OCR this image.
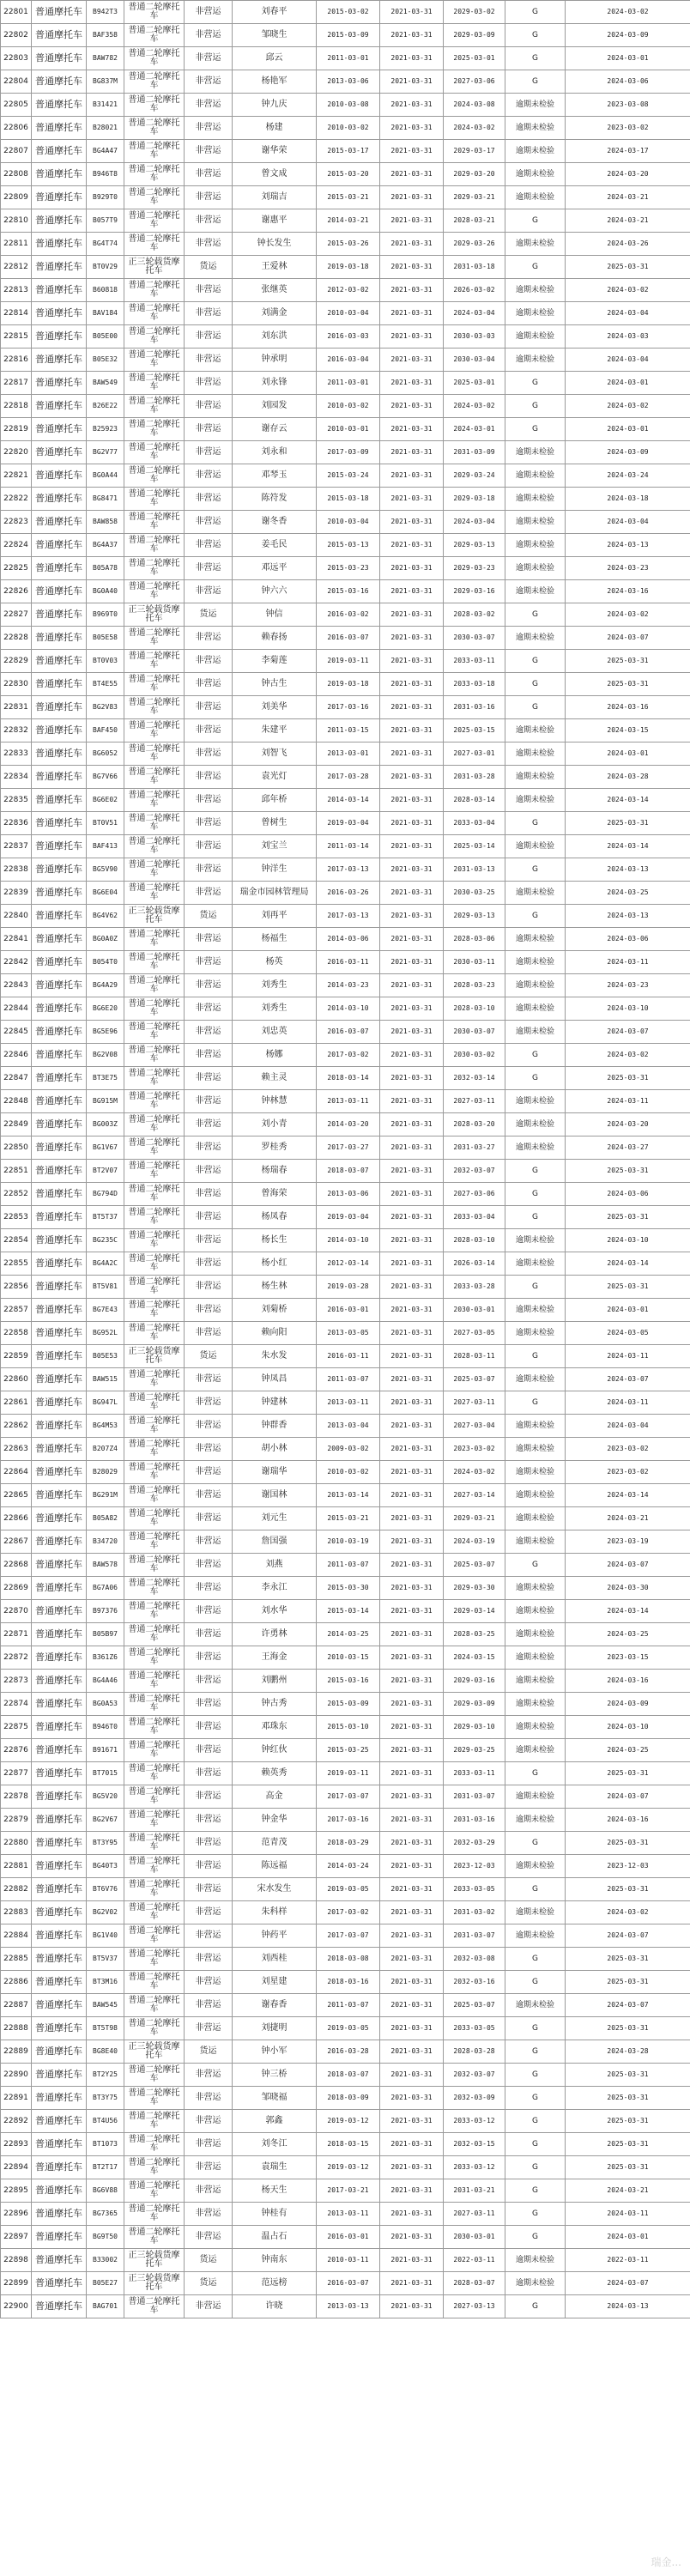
22801	普通摩托车	B942T3	普通二轮摩托车	非营运	刘春平	2015-03-02	2021-03-31	2029-03-02	G	2024-03-02
22802	普通摩托车	BAF358	普通二轮摩托车	非营运	邹晓生	2015-03-09	2021-03-31	2029-03-09	G	2024-03-09
22803	普通摩托车	BAW782	普通二轮摩托车	非营运	邱云	2011-03-01	2021-03-31	2025-03-01	G	2024-03-01
22804	普通摩托车	BG837M	普通二轮摩托车	非营运	杨艳军	2013-03-06	2021-03-31	2027-03-06	G	2024-03-06
22805	普通摩托车	B31421	普通二轮摩托车	非营运	钟九庆	2010-03-08	2021-03-31	2024-03-08	逾期未检验	2023-03-08
22806	普通摩托车	B28021	普通二轮摩托车	非营运	杨建	2010-03-02	2021-03-31	2024-03-02	逾期未检验	2023-03-02
22807	普通摩托车	BG4A47	普通二轮摩托车	非营运	谢华荣	2015-03-17	2021-03-31	2029-03-17	逾期未检验	2024-03-17
22808	普通摩托车	B946T8	普通二轮摩托车	非营运	曾文成	2015-03-20	2021-03-31	2029-03-20	逾期未检验	2024-03-20
22809	普通摩托车	B929T0	普通二轮摩托车	非营运	刘瑞吉	2015-03-21	2021-03-31	2029-03-21	逾期未检验	2024-03-21
22810	普通摩托车	B057T9	普通二轮摩托车	非营运	谢惠平	2014-03-21	2021-03-31	2028-03-21	G	2024-03-21
22811	普通摩托车	BG4T74	普通二轮摩托车	非营运	钟长发生	2015-03-26	2021-03-31	2029-03-26	逾期未检验	2024-03-26
22812	普通摩托车	BT0V29	正三轮载货摩托车	货运	王爱林	2019-03-18	2021-03-31	2031-03-18	G	2025-03-31
22813	普通摩托车	B60818	普通二轮摩托车	非营运	张继英	2012-03-02	2021-03-31	2026-03-02	逾期未检验	2024-03-02
22814	普通摩托车	BAV184	普通二轮摩托车	非营运	刘满金	2010-03-04	2021-03-31	2024-03-04	逾期未检验	2024-03-04
22815	普通摩托车	B05E00	普通二轮摩托车	非营运	刘东洪	2016-03-03	2021-03-31	2030-03-03	逾期未检验	2024-03-03
22816	普通摩托车	B05E32	普通二轮摩托车	非营运	钟承明	2016-03-04	2021-03-31	2030-03-04	逾期未检验	2024-03-04
22817	普通摩托车	BAW549	普通二轮摩托车	非营运	刘永锋	2011-03-01	2021-03-31	2025-03-01	G	2024-03-01
22818	普通摩托车	B26E22	普通二轮摩托车	非营运	刘园发	2010-03-02	2021-03-31	2024-03-02	G	2024-03-02
22819	普通摩托车	B25923	普通二轮摩托车	非营运	谢存云	2010-03-01	2021-03-31	2024-03-01	G	2024-03-01
22820	普通摩托车	BG2V77	普通二轮摩托车	非营运	刘永和	2017-03-09	2021-03-31	2031-03-09	逾期未检验	2024-03-09
22821	普通摩托车	BG0A44	普通二轮摩托车	非营运	邓琴玉	2015-03-24	2021-03-31	2029-03-24	逾期未检验	2024-03-24
22822	普通摩托车	BG8471	普通二轮摩托车	非营运	陈符发	2015-03-18	2021-03-31	2029-03-18	逾期未检验	2024-03-18
22823	普通摩托车	BAW858	普通二轮摩托车	非营运	谢冬香	2010-03-04	2021-03-31	2024-03-04	逾期未检验	2024-03-04
22824	普通摩托车	BG4A37	普通二轮摩托车	非营运	姜毛民	2015-03-13	2021-03-31	2029-03-13	逾期未检验	2024-03-13
22825	普通摩托车	B05A78	普通二轮摩托车	非营运	邓远平	2015-03-23	2021-03-31	2029-03-23	逾期未检验	2024-03-23
22826	普通摩托车	BG0A40	普通二轮摩托车	非营运	钟六六	2015-03-16	2021-03-31	2029-03-16	逾期未检验	2024-03-16
22827	普通摩托车	B969T0	正三轮载货摩托车	货运	钟信	2016-03-02	2021-03-31	2028-03-02	G	2024-03-02
22828	普通摩托车	B05E58	普通二轮摩托车	非营运	赖春扬	2016-03-07	2021-03-31	2030-03-07	逾期未检验	2024-03-07
22829	普通摩托车	BT0V03	普通二轮摩托车	非营运	李菊莲	2019-03-11	2021-03-31	2033-03-11	G	2025-03-31
22830	普通摩托车	BT4E55	普通二轮摩托车	非营运	钟古生	2019-03-18	2021-03-31	2033-03-18	G	2025-03-31
22831	普通摩托车	BG2V83	普通二轮摩托车	非营运	刘美华	2017-03-16	2021-03-31	2031-03-16	G	2024-03-16
22832	普通摩托车	BAF450	普通二轮摩托车	非营运	朱建平	2011-03-15	2021-03-31	2025-03-15	逾期未检验	2024-03-15
22833	普通摩托车	BG6052	普通二轮摩托车	非营运	刘智飞	2013-03-01	2021-03-31	2027-03-01	逾期未检验	2024-03-01
22834	普通摩托车	BG7V66	普通二轮摩托车	非营运	袁光灯	2017-03-28	2021-03-31	2031-03-28	逾期未检验	2024-03-28
22835	普通摩托车	BG6E02	普通二轮摩托车	非营运	邱年桥	2014-03-14	2021-03-31	2028-03-14	逾期未检验	2024-03-14
22836	普通摩托车	BT0V51	普通二轮摩托车	非营运	曾树生	2019-03-04	2021-03-31	2033-03-04	G	2025-03-31
22837	普通摩托车	BAF413	普通二轮摩托车	非营运	刘宝兰	2011-03-14	2021-03-31	2025-03-14	逾期未检验	2024-03-14
22838	普通摩托车	BG5V90	普通二轮摩托车	非营运	钟洋生	2017-03-13	2021-03-31	2031-03-13	G	2024-03-13
22839	普通摩托车	BG6E04	普通二轮摩托车	非营运	瑞金市园林管理局	2016-03-26	2021-03-31	2030-03-25	逾期未检验	2024-03-25
22840	普通摩托车	BG4V62	正三轮载货摩托车	货运	刘再平	2017-03-13	2021-03-31	2029-03-13	G	2024-03-13
22841	普通摩托车	BG0A0Z	普通二轮摩托车	非营运	杨福生	2014-03-06	2021-03-31	2028-03-06	逾期未检验	2024-03-06
22842	普通摩托车	B054T0	普通二轮摩托车	非营运	杨英	2016-03-11	2021-03-31	2030-03-11	逾期未检验	2024-03-11
22843	普通摩托车	BG4A29	普通二轮摩托车	非营运	刘秀生	2014-03-23	2021-03-31	2028-03-23	逾期未检验	2024-03-23
22844	普通摩托车	BG6E20	普通二轮摩托车	非营运	刘秀生	2014-03-10	2021-03-31	2028-03-10	逾期未检验	2024-03-10
22845	普通摩托车	BG5E96	普通二轮摩托车	非营运	刘忠英	2016-03-07	2021-03-31	2030-03-07	逾期未检验	2024-03-07
22846	普通摩托车	BG2V08	普通二轮摩托车	非营运	杨娜	2017-03-02	2021-03-31	2030-03-02	G	2024-03-02
22847	普通摩托车	BT3E75	普通二轮摩托车	非营运	赖主灵	2018-03-14	2021-03-31	2032-03-14	G	2025-03-31
22848	普通摩托车	BG915M	普通二轮摩托车	非营运	钟林慧	2013-03-11	2021-03-31	2027-03-11	逾期未检验	2024-03-11
22849	普通摩托车	BG003Z	普通二轮摩托车	非营运	刘小青	2014-03-20	2021-03-31	2028-03-20	逾期未检验	2024-03-20
22850	普通摩托车	BG1V67	普通二轮摩托车	非营运	罗桂秀	2017-03-27	2021-03-31	2031-03-27	逾期未检验	2024-03-27
22851	普通摩托车	BT2V07	普通二轮摩托车	非营运	杨瑞春	2018-03-07	2021-03-31	2032-03-07	G	2025-03-31
22852	普通摩托车	BG794D	普通二轮摩托车	非营运	曾海荣	2013-03-06	2021-03-31	2027-03-06	G	2024-03-06
22853	普通摩托车	BT5T37	普通二轮摩托车	非营运	杨凤春	2019-03-04	2021-03-31	2033-03-04	G	2025-03-31
22854	普通摩托车	BG235C	普通二轮摩托车	非营运	杨长生	2014-03-10	2021-03-31	2028-03-10	逾期未检验	2024-03-10
22855	普通摩托车	BG4A2C	普通二轮摩托车	非营运	杨小红	2012-03-14	2021-03-31	2026-03-14	逾期未检验	2024-03-14
22856	普通摩托车	BT5V81	普通二轮摩托车	非营运	杨生林	2019-03-28	2021-03-31	2033-03-28	G	2025-03-31
22857	普通摩托车	BG7E43	普通二轮摩托车	非营运	刘菊桥	2016-03-01	2021-03-31	2030-03-01	逾期未检验	2024-03-01
22858	普通摩托车	BG952L	普通二轮摩托车	非营运	赖向阳	2013-03-05	2021-03-31	2027-03-05	逾期未检验	2024-03-05
22859	普通摩托车	B05E53	正三轮载货摩托车	货运	朱水发	2016-03-11	2021-03-31	2028-03-11	G	2024-03-11
22860	普通摩托车	BAW515	普通二轮摩托车	非营运	钟凤昌	2011-03-07	2021-03-31	2025-03-07	逾期未检验	2024-03-07
22861	普通摩托车	BG947L	普通二轮摩托车	非营运	钟建林	2013-03-11	2021-03-31	2027-03-11	G	2024-03-11
22862	普通摩托车	BG4M53	普通二轮摩托车	非营运	钟群香	2013-03-04	2021-03-31	2027-03-04	逾期未检验	2024-03-04
22863	普通摩托车	B207Z4	普通二轮摩托车	非营运	胡小林	2009-03-02	2021-03-31	2023-03-02	逾期未检验	2023-03-02
22864	普通摩托车	B28029	普通二轮摩托车	非营运	谢瑞华	2010-03-02	2021-03-31	2024-03-02	逾期未检验	2023-03-02
22865	普通摩托车	BG291M	普通二轮摩托车	非营运	谢国林	2013-03-14	2021-03-31	2027-03-14	逾期未检验	2024-03-14
22866	普通摩托车	B05A82	普通二轮摩托车	非营运	刘元生	2015-03-21	2021-03-31	2029-03-21	逾期未检验	2024-03-21
22867	普通摩托车	B34720	普通二轮摩托车	非营运	詹国强	2010-03-19	2021-03-31	2024-03-19	逾期未检验	2023-03-19
22868	普通摩托车	BAW578	普通二轮摩托车	非营运	刘燕	2011-03-07	2021-03-31	2025-03-07	G	2024-03-07
22869	普通摩托车	BG7A06	普通二轮摩托车	非营运	李永江	2015-03-30	2021-03-31	2029-03-30	逾期未检验	2024-03-30
22870	普通摩托车	B97376	普通二轮摩托车	非营运	刘水华	2015-03-14	2021-03-31	2029-03-14	逾期未检验	2024-03-14
22871	普通摩托车	B05B97	普通二轮摩托车	非营运	许勇林	2014-03-25	2021-03-31	2028-03-25	逾期未检验	2024-03-25
22872	普通摩托车	B361Z6	普通二轮摩托车	非营运	王海金	2010-03-15	2021-03-31	2024-03-15	逾期未检验	2023-03-15
22873	普通摩托车	BG4A46	普通二轮摩托车	非营运	刘鹏州	2015-03-16	2021-03-31	2029-03-16	逾期未检验	2024-03-16
22874	普通摩托车	BG0A53	普通二轮摩托车	非营运	钟古秀	2015-03-09	2021-03-31	2029-03-09	逾期未检验	2024-03-09
22875	普通摩托车	B946T0	普通二轮摩托车	非营运	邓珠东	2015-03-10	2021-03-31	2029-03-10	逾期未检验	2024-03-10
22876	普通摩托车	B91671	普通二轮摩托车	非营运	钟红伙	2015-03-25	2021-03-31	2029-03-25	逾期未检验	2024-03-25
22877	普通摩托车	BT7015	普通二轮摩托车	非营运	赖英秀	2019-03-11	2021-03-31	2033-03-11	G	2025-03-31
22878	普通摩托车	BG5V20	普通二轮摩托车	非营运	高金	2017-03-07	2021-03-31	2031-03-07	逾期未检验	2024-03-07
22879	普通摩托车	BG2V67	普通二轮摩托车	非营运	钟金华	2017-03-16	2021-03-31	2031-03-16	逾期未检验	2024-03-16
22880	普通摩托车	BT3Y95	普通二轮摩托车	非营运	范青茂	2018-03-29	2021-03-31	2032-03-29	G	2025-03-31
22881	普通摩托车	BG40T3	普通二轮摩托车	非营运	陈远福	2014-03-24	2021-03-31	2023-12-03	逾期未检验	2023-12-03
22882	普通摩托车	BT6V76	普通二轮摩托车	非营运	宋水发生	2019-03-05	2021-03-31	2033-03-05	G	2025-03-31
22883	普通摩托车	BG2V02	普通二轮摩托车	非营运	朱科样	2017-03-02	2021-03-31	2031-03-02	逾期未检验	2024-03-02
22884	普通摩托车	BG1V40	普通二轮摩托车	非营运	钟药平	2017-03-07	2021-03-31	2031-03-07	逾期未检验	2024-03-07
22885	普通摩托车	BT5V37	普通二轮摩托车	非营运	刘西桂	2018-03-08	2021-03-31	2032-03-08	G	2025-03-31
22886	普通摩托车	BT3M16	普通二轮摩托车	非营运	刘星建	2018-03-16	2021-03-31	2032-03-16	G	2025-03-31
22887	普通摩托车	BAW545	普通二轮摩托车	非营运	谢春香	2011-03-07	2021-03-31	2025-03-07	逾期未检验	2024-03-07
22888	普通摩托车	BT5T98	普通二轮摩托车	非营运	刘捷明	2019-03-05	2021-03-31	2033-03-05	G	2025-03-31
22889	普通摩托车	BG8E40	正三轮载货摩托车	货运	钟小军	2016-03-28	2021-03-31	2028-03-28	G	2024-03-28
22890	普通摩托车	BT2Y25	普通二轮摩托车	非营运	钟三桥	2018-03-07	2021-03-31	2032-03-07	G	2025-03-31
22891	普通摩托车	BT3Y75	普通二轮摩托车	非营运	邹晓福	2018-03-09	2021-03-31	2032-03-09	G	2025-03-31
22892	普通摩托车	BT4U56	普通二轮摩托车	非营运	郭鑫	2019-03-12	2021-03-31	2033-03-12	G	2025-03-31
22893	普通摩托车	BT1073	普通二轮摩托车	非营运	刘冬江	2018-03-15	2021-03-31	2032-03-15	G	2025-03-31
22894	普通摩托车	BT2T17	普通二轮摩托车	非营运	袁瑞生	2019-03-12	2021-03-31	2033-03-12	G	2025-03-31
22895	普通摩托车	BG6V88	普通二轮摩托车	非营运	杨天生	2017-03-21	2021-03-31	2031-03-21	G	2024-03-21
22896	普通摩托车	BG7365	普通二轮摩托车	非营运	钟桂有	2013-03-11	2021-03-31	2027-03-11	G	2024-03-11
22897	普通摩托车	BG9T50	普通二轮摩托车	非营运	温占石	2016-03-01	2021-03-31	2030-03-01	G	2024-03-01
22898	普通摩托车	B33002	正三轮载货摩托车	货运	钟南东	2010-03-11	2021-03-31	2022-03-11	逾期未检验	2022-03-11
22899	普通摩托车	B05E27	正三轮载货摩托车	货运	范远榜	2016-03-07	2021-03-31	2028-03-07	逾期未检验	2024-03-07
22900	普通摩托车	BAG701	普通二轮摩托车	非营运	许晓	2013-03-13	2021-03-31	2027-03-13	G	2024-03-13
瑞金...
